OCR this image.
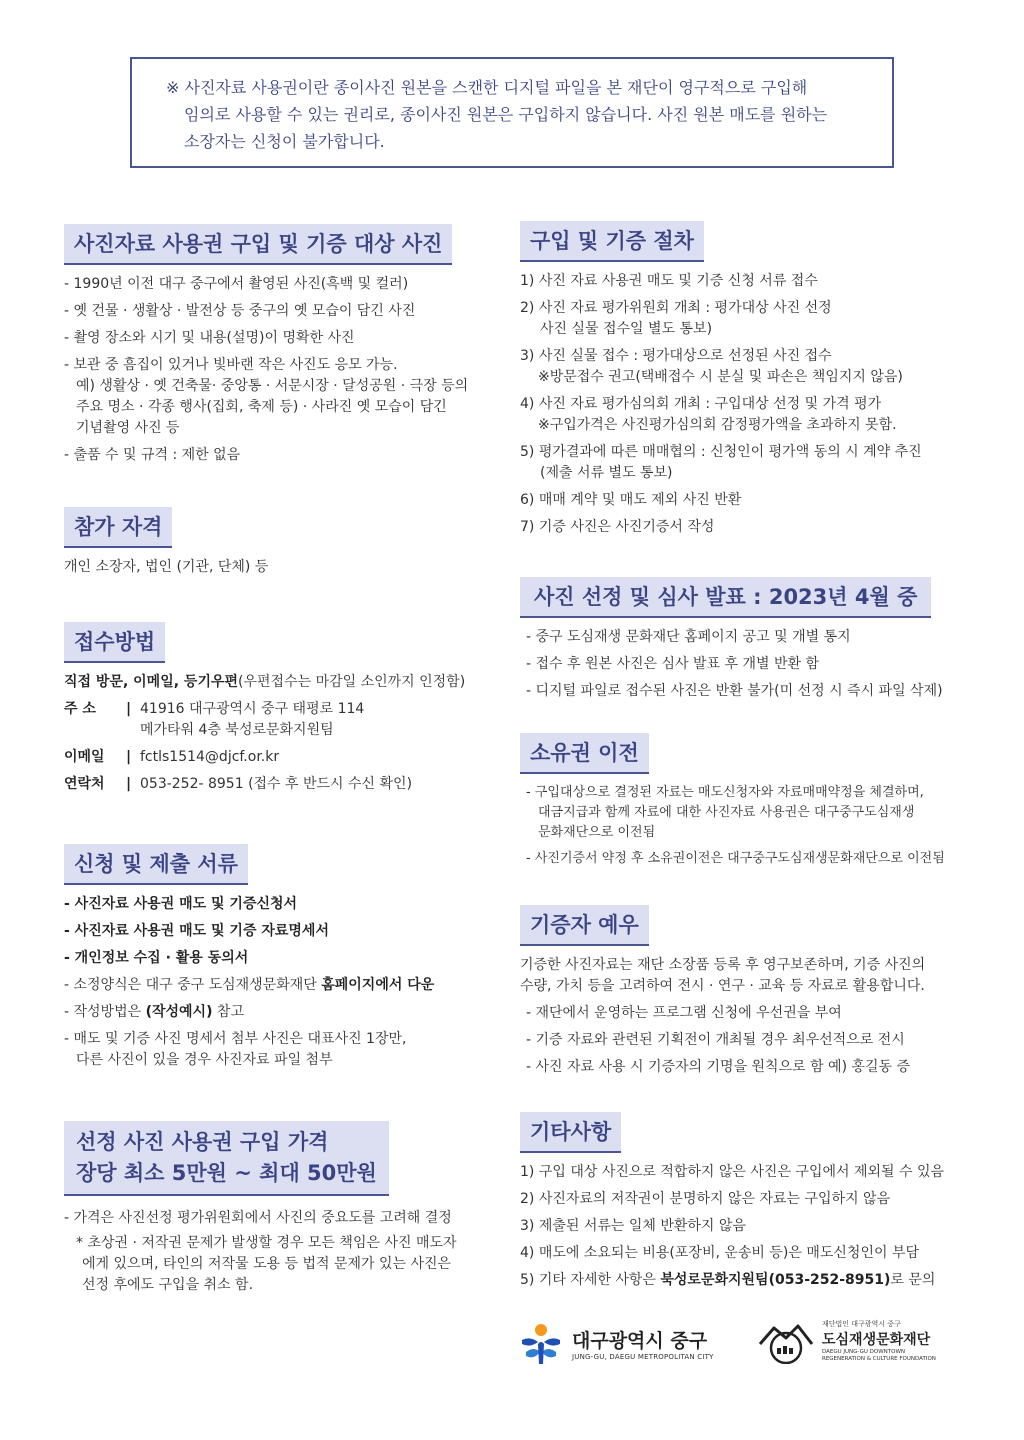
※ 사진자료 사용권이란 종이사진 원본을 스캔한 디지털 파일을 본 재단이 영구적으로 구입해
임의로 사용할 수 있는 권리로, 종이사진 원본은 구입하지 않습니다. 사진 원본 매도를 원하는
소장자는 신청이 불가합니다.
사진자료 사용권 구입 및 기증 대상 사진
- 1990년 이전 대구 중구에서 촬영된 사진(흑백 및 컬러)
- 옛 건물 · 생활상 · 발전상 등 중구의 옛 모습이 담긴 사진
- 촬영 장소와 시기 및 내용(설명)이 명확한 사진
- 보관 중 흠집이 있거나 빛바랜 작은 사진도 응모 가능.
예) 생활상 · 옛 건축물· 중앙통 · 서문시장 · 달성공원 · 극장 등의
주요 명소 · 각종 행사(집회, 축제 등) · 사라진 옛 모습이 담긴
기념촬영 사진 등
- 출품 수 및 규격 : 제한 없음
참가 자격
개인 소장자, 법인 (기관, 단체) 등
접수방법
직접 방문, 이메일, 등기우편(우편접수는 마감일 소인까지 인정함)
주 소	| 41916 대구광역시 중구 태평로 114
메가타워 4층 북성로문화지원팀
이메일	| fctls1514@djcf.or.kr
연락처	| 053-252- 8951 (접수 후 반드시 수신 확인)
신청 및 제출 서류
- 사진자료 사용권 매도 및 기증신청서
- 사진자료 사용권 매도 및 기증 자료명세서
- 개인정보 수집 · 활용 동의서
- 소정양식은 대구 중구 도심재생문화재단 홈페이지에서 다운
- 작성방법은 (작성예시) 참고
- 매도 및 기증 사진 명세서 첨부 사진은 대표사진 1장만,
다른 사진이 있을 경우 사진자료 파일 첨부
선정 사진 사용권 구입 가격
장당 최소 5만원 ~ 최대 50만원
- 가격은 사진선정 평가위원회에서 사진의 중요도를 고려해 결정
* 초상권 · 저작권 문제가 발생할 경우 모든 책임은 사진 매도자
에게 있으며, 타인의 저작물 도용 등 법적 문제가 있는 사진은
선정 후에도 구입을 취소 함.
구입 및 기증 절차
1) 사진 자료 사용권 매도 및 기증 신청 서류 접수
2) 사진 자료 평가위원회 개최 : 평가대상 사진 선정
사진 실물 접수일 별도 통보)
3) 사진 실물 접수 : 평가대상으로 선정된 사진 접수
※방문접수 권고(택배접수 시 분실 및 파손은 책임지지 않음)
4) 사진 자료 평가심의회 개최 : 구입대상 선정 및 가격 평가
※구입가격은 사진평가심의회 감정평가액을 초과하지 못함.
5) 평가결과에 따른 매매협의 : 신청인이 평가액 동의 시 계약 추진
(제출 서류 별도 통보)
6) 매매 계약 및 매도 제외 사진 반환
7) 기증 사진은 사진기증서 작성
사진 선정 및 심사 발표 : 2023년 4월 중
- 중구 도심재생 문화재단 홈페이지 공고 및 개별 통지
- 접수 후 원본 사진은 심사 발표 후 개별 반환 함
- 디지털 파일로 접수된 사진은 반환 불가(미 선정 시 즉시 파일 삭제)
소유권 이전
- 구입대상으로 결정된 자료는 매도신청자와 자료매매약정을 체결하며,
대금지급과 함께 자료에 대한 사진자료 사용권은 대구중구도심재생
문화재단으로 이전됨
- 사진기증서 약정 후 소유권이전은 대구중구도심재생문화재단으로 이전됨
기증자 예우
기증한 사진자료는 재단 소장품 등록 후 영구보존하며, 기증 사진의
수량, 가치 등을 고려하여 전시 · 연구 · 교육 등 자료로 활용합니다.
- 재단에서 운영하는 프로그램 신청에 우선권을 부여
- 기증 자료와 관련된 기획전이 개최될 경우 최우선적으로 전시
- 사진 자료 사용 시 기증자의 기명을 원칙으로 함 예) 홍길동 증
기타사항
1) 구입 대상 사진으로 적합하지 않은 사진은 구입에서 제외될 수 있음
2) 사진자료의 저작권이 분명하지 않은 자료는 구입하지 않음
3) 제출된 서류는 일체 반환하지 않음
4) 매도에 소요되는 비용(포장비, 운송비 등)은 매도신청인이 부담
5) 기타 자세한 사항은 북성로문화지원팀(053-252-8951)로 문의
대구광역시 중구
JUNG-GU, DAEGU METROPOLITAN CITY
재단법인 대구광역시 중구
도심재생문화재단
DAEGU JUNG-GU DOWNTOWN
REGENERATION & CULTURE FOUNDATION
